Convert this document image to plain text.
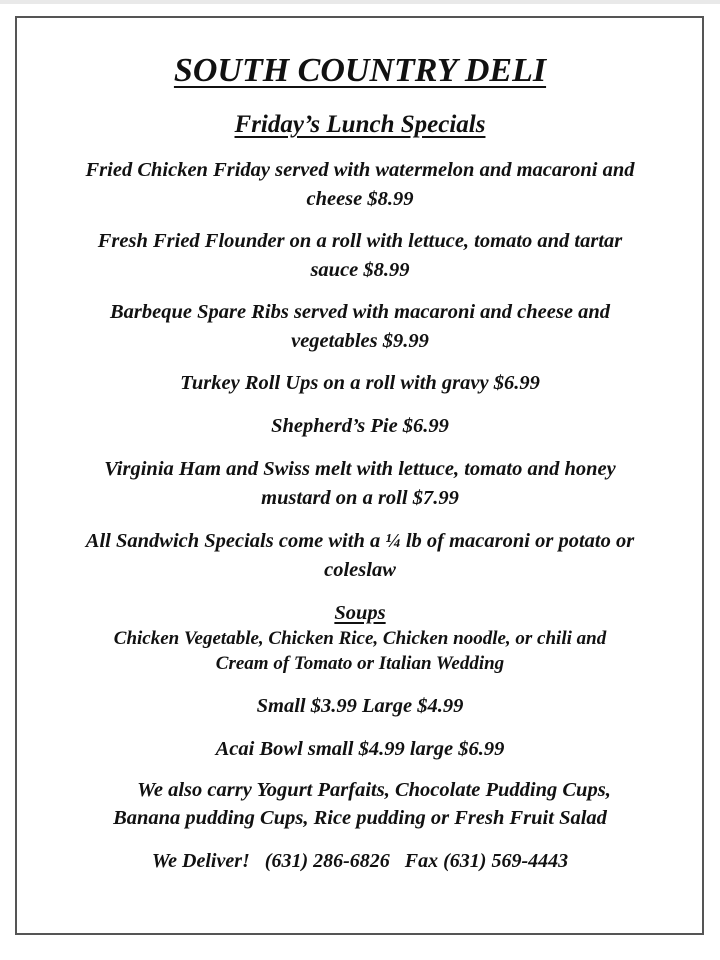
SOUTH COUNTRY DELI
Friday’s Lunch Specials
Fried Chicken Friday served with watermelon and macaroni and
cheese $8.99
Fresh Fried Flounder on a roll with lettuce, tomato and tartar
sauce $8.99
Barbeque Spare Ribs served with macaroni and cheese and
vegetables $9.99
Turkey Roll Ups on a roll with gravy $6.99
Shepherd’s Pie $6.99
Virginia Ham and Swiss melt with lettuce, tomato and honey
mustard on a roll $7.99
All Sandwich Specials come with a ¼ lb of macaroni or potato or
coleslaw
Soups
Chicken Vegetable, Chicken Rice, Chicken noodle, or chili and
Cream of Tomato or Italian Wedding
Small $3.99 Large $4.99
Acai Bowl small $4.99 large $6.99
We also carry Yogurt Parfaits, Chocolate Pudding Cups,
Banana pudding Cups, Rice pudding or Fresh Fruit Salad
We Deliver!   (631) 286-6826   Fax (631) 569-4443
